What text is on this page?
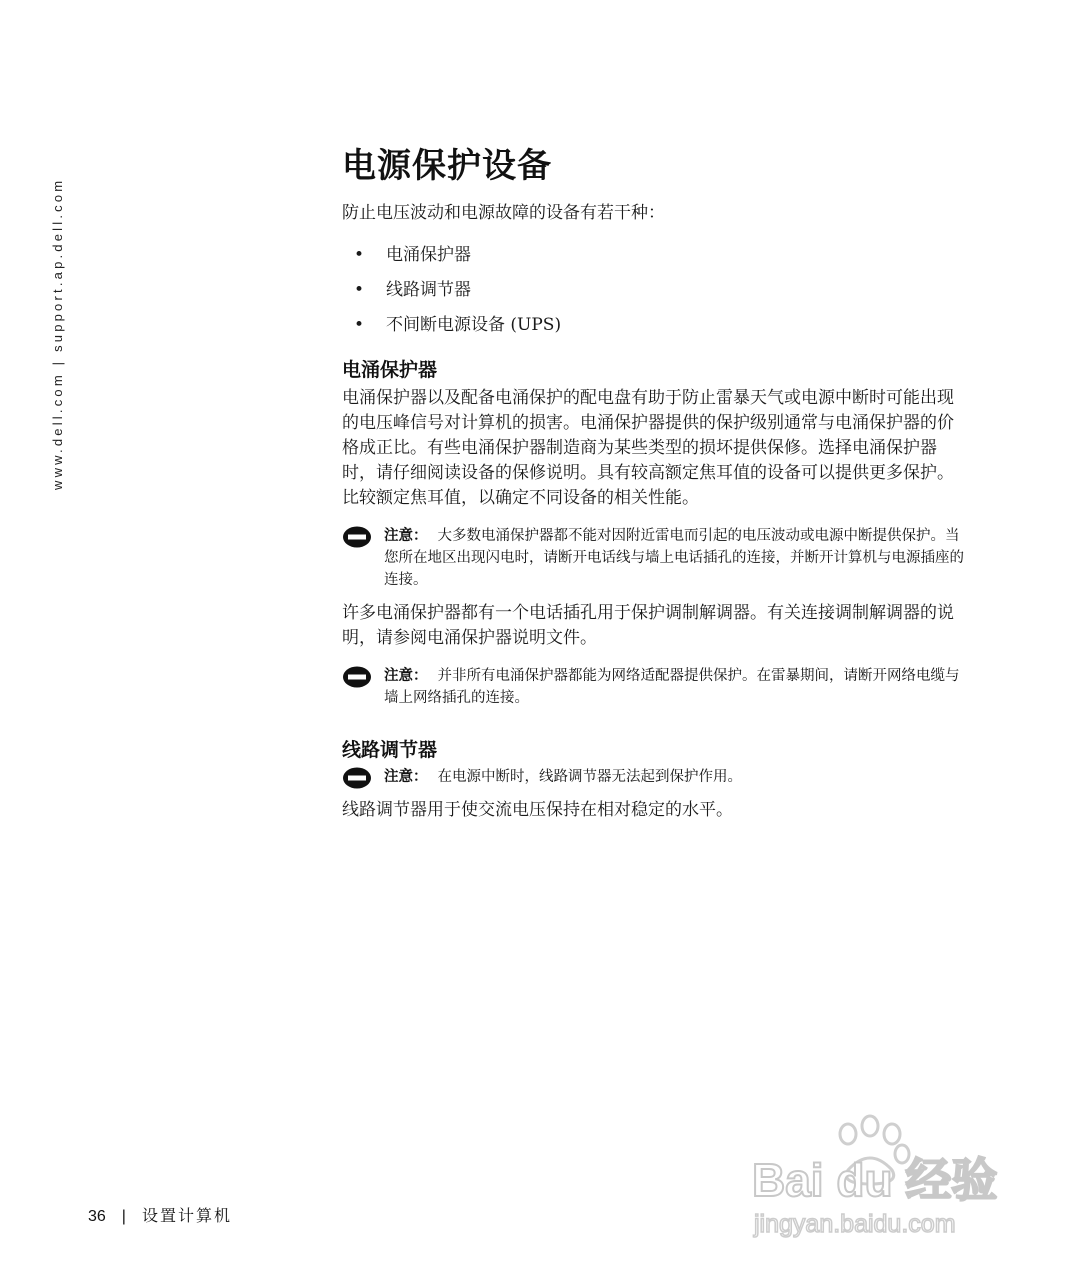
www.dell.com | support.ap.dell.com
电源保护设备

防止电压波动和电源故障的设备有若干种：

• 电涌保护器
• 线路调节器
• 不间断电源设备 (UPS)
电涌保护器

电涌保护器以及配备电涌保护的配电盘有助于防止雷暴天气或电源中断时可能出现的电压峰信号对计算机的损害。电涌保护器提供的保护级别通常与电涌保护器的价格成正比。有些电涌保护器制造商为某些类型的损坏提供保修。选择电涌保护器时，请仔细阅读设备的保修说明。具有较高额定焦耳值的设备可以提供更多保护。比较额定焦耳值，以确定不同设备的相关性能。

注意： 大多数电涌保护器都不能对因附近雷电而引起的电压波动或电源中断提供保护。当您所在地区出现闪电时，请断开电话线与墙上电话插孔的连接，并断开计算机与电源插座的连接。

许多电涌保护器都有一个电话插孔用于保护调制解调器。有关连接调制解调器的说明，请参阅电涌保护器说明文件。

注意： 并非所有电涌保护器都能为网络适配器提供保护。在雷暴期间，请断开网络电缆与墙上网络插孔的连接。
线路调节器
注意： 在电源中断时，线路调节器无法起到保护作用。

线路调节器用于使交流电压保持在相对稳定的水平。

36 | 设置计算机
Bai du 经验
jingyan.baidu.com
